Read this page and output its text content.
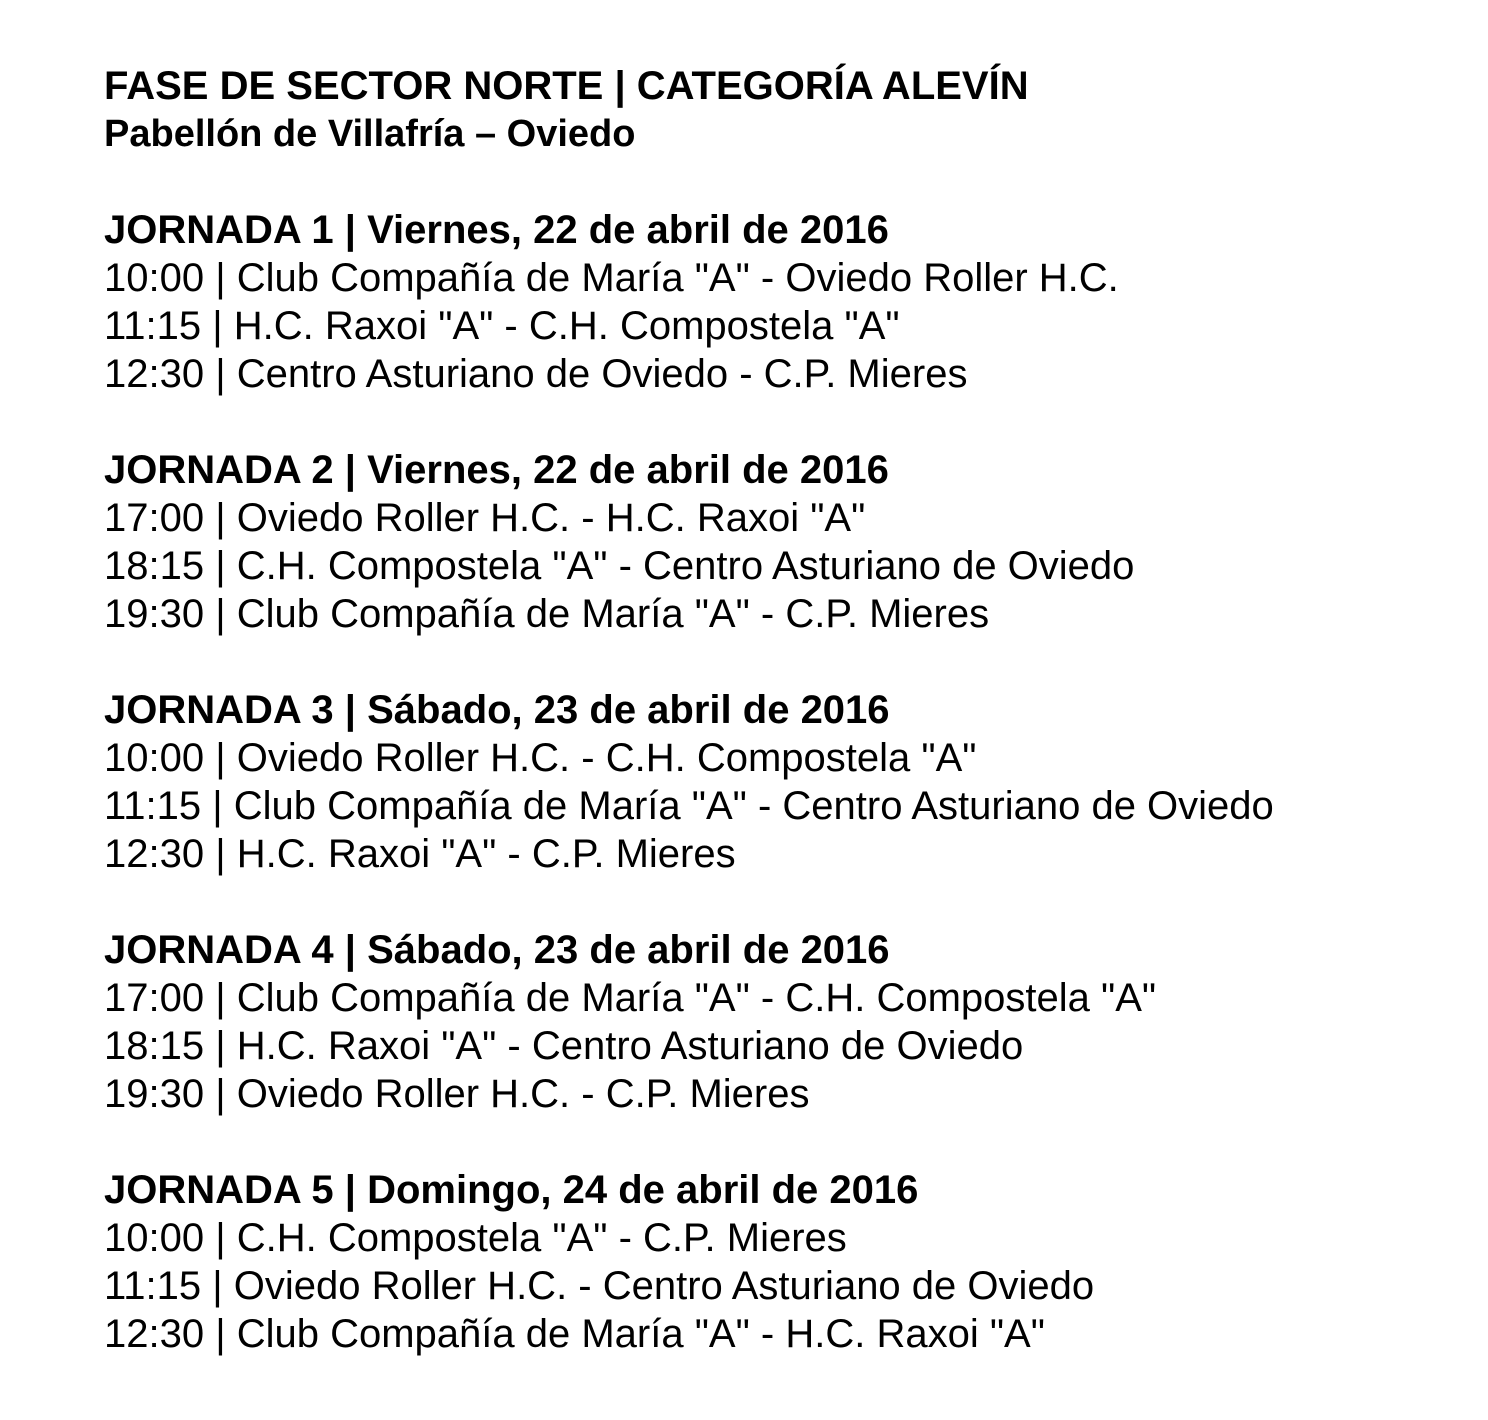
FASE DE SECTOR NORTE | CATEGORÍA ALEVÍN
Pabellón de Villafría – Oviedo
JORNADA 1 | Viernes, 22 de abril de 2016
10:00 | Club Compañía de María "A" - Oviedo Roller H.C.
11:15 | H.C. Raxoi "A" - C.H. Compostela "A"
12:30 | Centro Asturiano de Oviedo - C.P. Mieres
JORNADA 2 | Viernes, 22 de abril de 2016
17:00 | Oviedo Roller H.C. - H.C. Raxoi "A"
18:15 | C.H. Compostela "A" - Centro Asturiano de Oviedo
19:30 | Club Compañía de María "A" - C.P. Mieres
JORNADA 3 | Sábado, 23 de abril de 2016
10:00 | Oviedo Roller H.C. - C.H. Compostela "A"
11:15 | Club Compañía de María "A" - Centro Asturiano de Oviedo
12:30 | H.C. Raxoi "A" - C.P. Mieres
JORNADA 4 | Sábado, 23 de abril de 2016
17:00 | Club Compañía de María "A" - C.H. Compostela "A"
18:15 | H.C. Raxoi "A" - Centro Asturiano de Oviedo
19:30 | Oviedo Roller H.C. - C.P. Mieres
JORNADA 5 | Domingo, 24 de abril de 2016
10:00 | C.H. Compostela "A" - C.P. Mieres
11:15 | Oviedo Roller H.C. - Centro Asturiano de Oviedo
12:30 | Club Compañía de María "A" - H.C. Raxoi "A"
